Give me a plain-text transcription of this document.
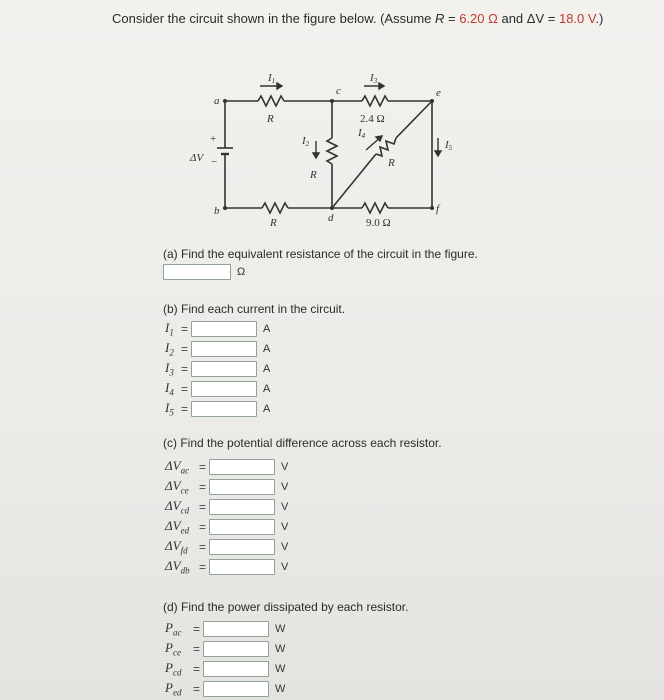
Consider the circuit shown in the figure below. (Assume R = 6.20 Ω and ΔV = 18.0 V.)
I1	I3
I2
I4
I5
a
b
c
d
e
f
R
R
R
R
2.4 Ω
9.0 Ω
ΔV
+
−
(a) Find the equivalent resistance of the circuit in the figure.
Ω
(b) Find each current in the circuit.
$I_1$ =	A
$I_2$ =	A
$I_3$ =	A
$I_4$ =	A
$I_5$ =	A
(c) Find the potential difference across each resistor.
$\Delta V_{ac}$ =	V
$\Delta V_{ce}$ =	V
$\Delta V_{cd}$ =	V
$\Delta V_{ed}$ =	V
$\Delta V_{fd}$ =	V
$\Delta V_{db}$ =	V
(d) Find the power dissipated by each resistor.
$P_{ac}$ =	W
$P_{ce}$	=	W
$P_{cd}$ =	W
$P_{ed}$ =	W
